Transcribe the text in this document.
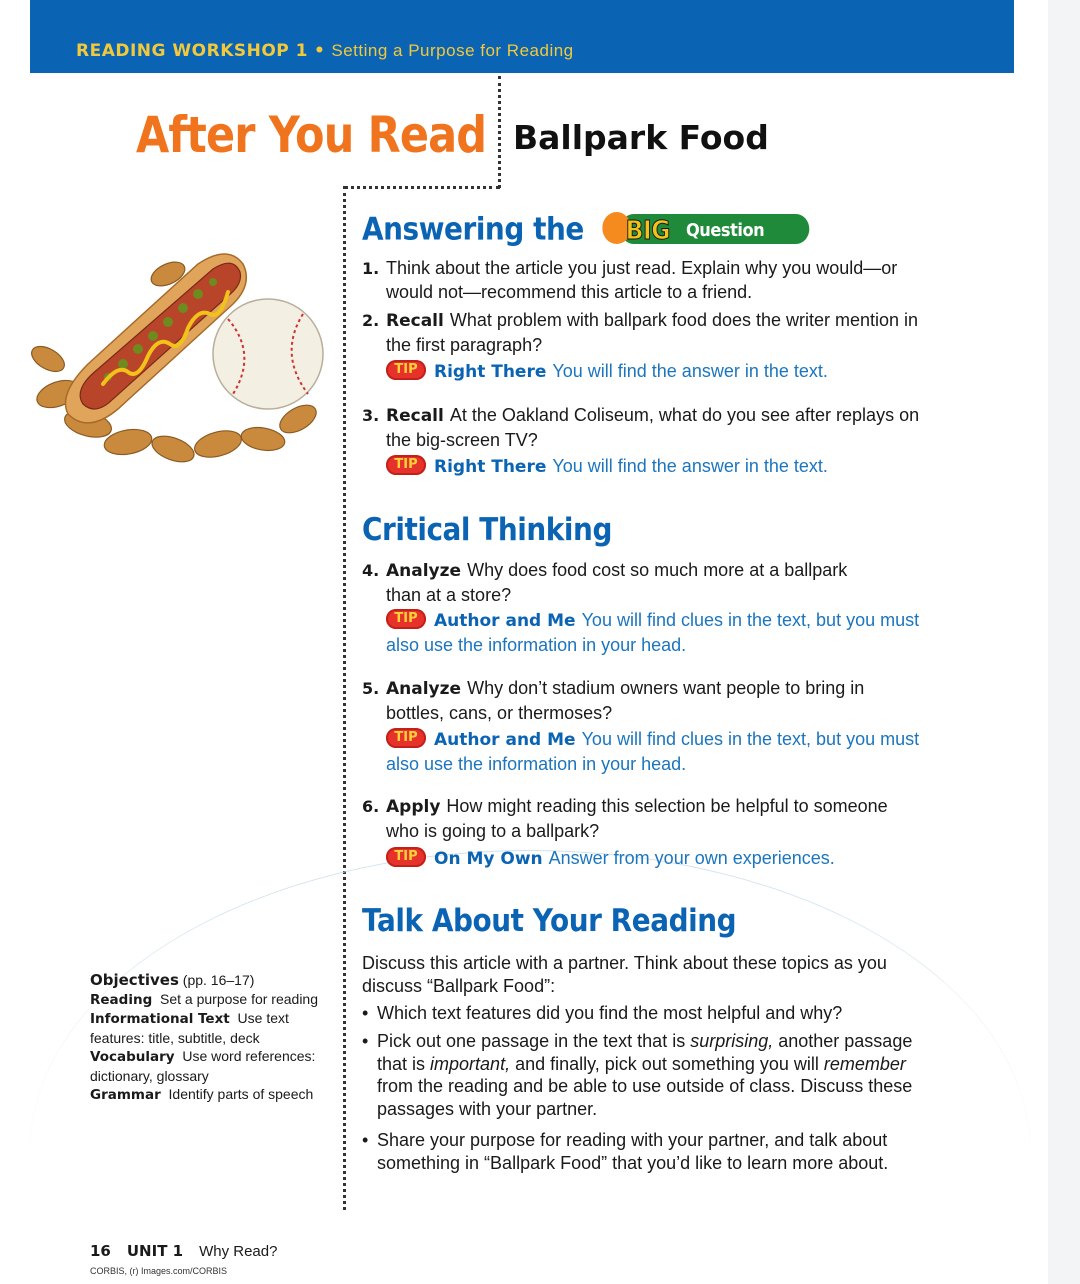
READING WORKSHOP 1 • Setting a Purpose for Reading
After You Read Ballpark Food
Answering the BIG Question
1. Think about the article you just read. Explain why you would—or would not—recommend this article to a friend.
2. Recall What problem with ballpark food does the writer mention in the first paragraph?
TIP Right There You will find the answer in the text.
3. Recall At the Oakland Coliseum, what do you see after replays on the big-screen TV?
TIP Right There You will find the answer in the text.
Critical Thinking
4. Analyze Why does food cost so much more at a ballpark than at a store?
TIP Author and Me You will find clues in the text, but you must also use the information in your head.
5. Analyze Why don’t stadium owners want people to bring in bottles, cans, or thermoses?
TIP Author and Me You will find clues in the text, but you must also use the information in your head.
6. Apply How might reading this selection be helpful to someone who is going to a ballpark?
TIP On My Own Answer from your own experiences.
Talk About Your Reading
Discuss this article with a partner. Think about these topics as you discuss “Ballpark Food”:
• Which text features did you find the most helpful and why?
• Pick out one passage in the text that is surprising, another passage that is important, and finally, pick out something you will remember from the reading and be able to use outside of class. Discuss these passages with your partner.
• Share your purpose for reading with your partner, and talk about something in “Ballpark Food” that you’d like to learn more about.
Objectives (pp. 16–17)
Reading Set a purpose for reading
Informational Text Use text features: title, subtitle, deck
Vocabulary Use word references: dictionary, glossary
Grammar Identify parts of speech
16 UNIT 1 Why Read?
CORBIS, (r) Images.com/CORBIS
